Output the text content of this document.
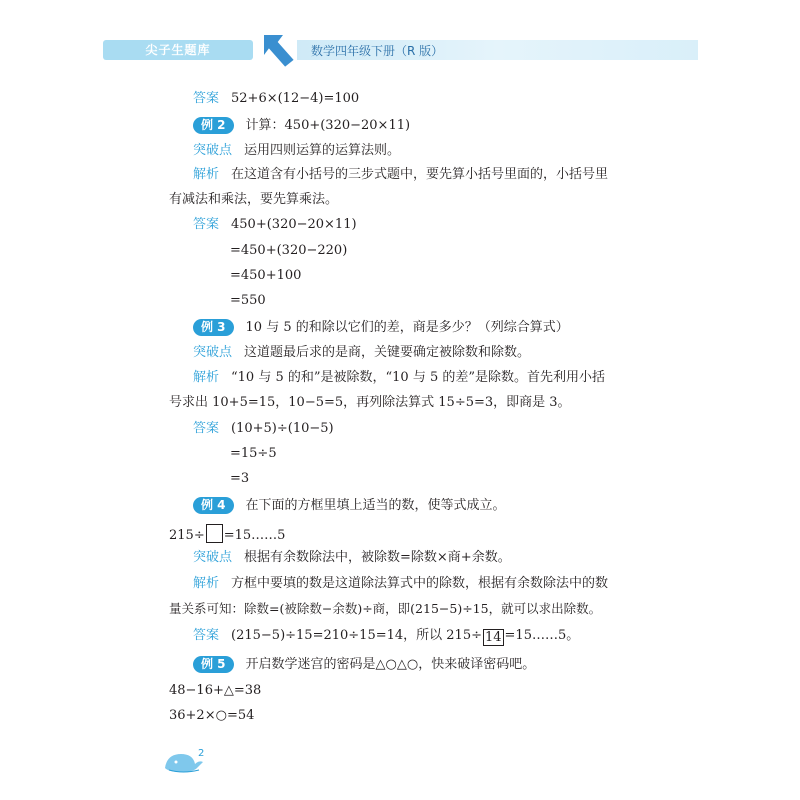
尖子生题库	数学四年级下册（R 版）
答案 52+6×(12−4)=100
例 2 计算：450+(320−20×11)
突破点 运用四则运算的运算法则。
解析 在这道含有小括号的三步式题中，要先算小括号里面的，小括号里
有减法和乘法，要先算乘法。
答案 450+(320−20×11)
=450+(320−220)
=450+100
=550
例 3 10 与 5 的和除以它们的差，商是多少？（列综合算式）
突破点 这道题最后求的是商，关键要确定被除数和除数。
解析 “10 与 5 的和”是被除数，“10 与 5 的差”是除数。首先利用小括
号求出 10+5=15，10−5=5，再列除法算式 15÷5=3，即商是 3。
答案 (10+5)÷(10−5)
=15÷5
=3
例 4 在下面的方框里填上适当的数，使等式成立。
215÷ =15……5
突破点 根据有余数除法中，被除数=除数×商+余数。
解析 方框中要填的数是这道除法算式中的除数，根据有余数除法中的数
量关系可知：除数=(被除数−余数)÷商，即(215−5)÷15，就可以求出除数。
答案 (215−5)÷15=210÷15=14，所以 215÷ 14 =15……5。
例 5 开启数学迷宫的密码是△○△○，快来破译密码吧。
48−16+△=38
36+2×○=54
2
